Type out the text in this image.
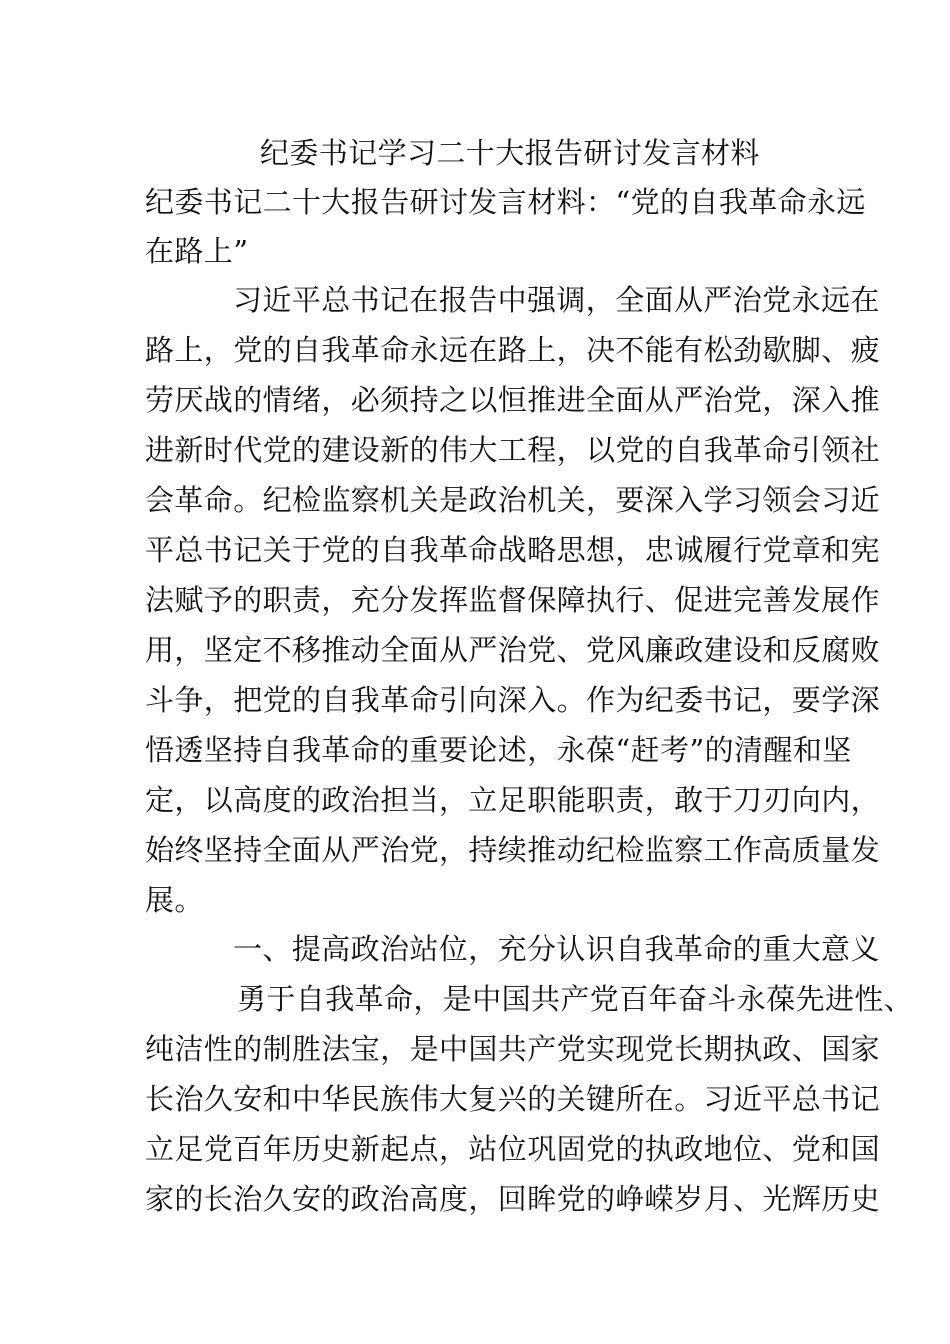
纪委书记学习二十大报告研讨发言材料
纪委书记二十大报告研讨发言材料：“党的自我革命永远
在路上”
习近平总书记在报告中强调，全面从严治党永远在
路上，党的自我革命永远在路上，决不能有松劲歇脚、疲
劳厌战的情绪，必须持之以恒推进全面从严治党，深入推
进新时代党的建设新的伟大工程，以党的自我革命引领社
会革命。纪检监察机关是政治机关，要深入学习领会习近
平总书记关于党的自我革命战略思想，忠诚履行党章和宪
法赋予的职责，充分发挥监督保障执行、促进完善发展作
用，坚定不移推动全面从严治党、党风廉政建设和反腐败
斗争，把党的自我革命引向深入。作为纪委书记，要学深
悟透坚持自我革命的重要论述，永葆“赶考”的清醒和坚
定，以高度的政治担当，立足职能职责，敢于刀刃向内，
始终坚持全面从严治党，持续推动纪检监察工作高质量发
展。
一、提高政治站位，充分认识自我革命的重大意义
勇于自我革命，是中国共产党百年奋斗永葆先进性、
纯洁性的制胜法宝，是中国共产党实现党长期执政、国家
长治久安和中华民族伟大复兴的关键所在。习近平总书记
立足党百年历史新起点，站位巩固党的执政地位、党和国
家的长治久安的政治高度，回眸党的峥嵘岁月、光辉历史
